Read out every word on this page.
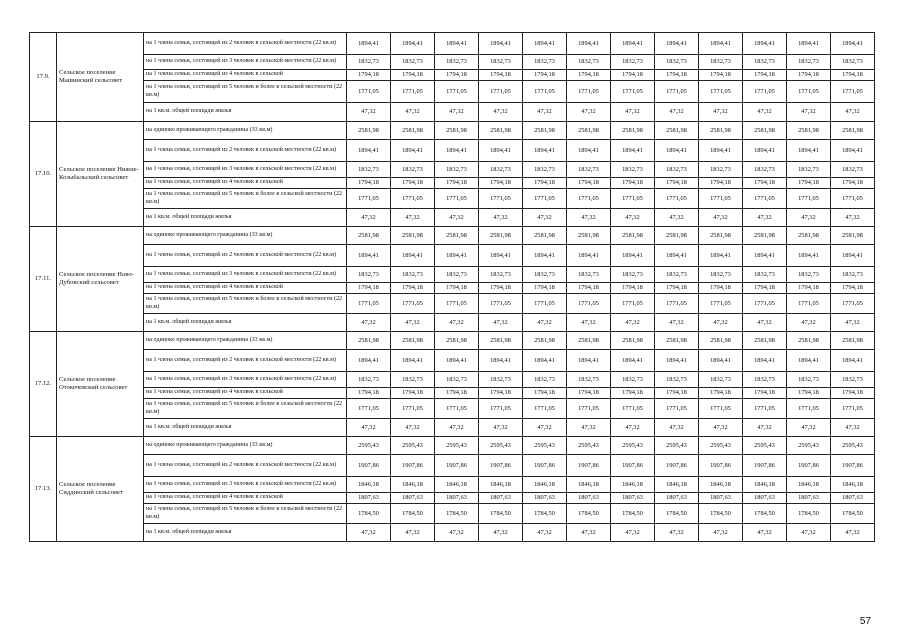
17.9.	Сельское поселение Машинский сельсовет	на 1 члена семьи, состоящей из 2 человек в сельской местности (22 кв.м)	1894,41	1894,41	1894,41	1894,41	1894,41	1894,41	1894,41	1894,41	1894,41	1894,41	1894,41	1894,41
		на 1 члена семьи, состоящей из 3 человек в сельской местности (22 кв.м)	1832,73	1832,73	1832,73	1832,73	1832,73	1832,73	1832,73	1832,73	1832,73	1832,73	1832,73	1832,73
		на 1 члена семьи, состоящей из 4 человек в сельской	1794,18	1794,18	1794,18	1794,18	1794,18	1794,18	1794,18	1794,18	1794,18	1794,18	1794,18	1794,18
		на 1 члена семьи, состоящей из 5 человек и более в сельской местности (22 кв.м)	1771,05	1771,05	1771,05	1771,05	1771,05	1771,05	1771,05	1771,05	1771,05	1771,05	1771,05	1771,05
		на 1 кв.м. общей площади жилья	47,32	47,32	47,32	47,32	47,32	47,32	47,32	47,32	47,32	47,32	47,32	47,32
17.10.	Сельское поселение Нижне-Козыбальский сельсовет	на одиноко проживающего гражданина (33 кв.м)	2581,98	2581,98	2581,98	2581,98	2581,98	2581,98	2581,98	2581,98	2581,98	2581,98	2581,98	2581,98
		на 1 члена семьи, состоящей из 2 человек в сельской местности (22 кв.м)	1894,41	1894,41	1894,41	1894,41	1894,41	1894,41	1894,41	1894,41	1894,41	1894,41	1894,41	1894,41
		на 1 члена семьи, состоящей из 3 человек в сельской местности (22 кв.м)	1832,73	1832,73	1832,73	1832,73	1832,73	1832,73	1832,73	1832,73	1832,73	1832,73	1832,73	1832,73
		на 1 члена семьи, состоящей из 4 человек в сельской	1794,18	1794,18	1794,18	1794,18	1794,18	1794,18	1794,18	1794,18	1794,18	1794,18	1794,18	1794,18
		на 1 члена семьи, состоящей из 5 человек и более в сельской местности (22 кв.м)	1771,05	1771,05	1771,05	1771,05	1771,05	1771,05	1771,05	1771,05	1771,05	1771,05	1771,05	1771,05
		на 1 кв.м. общей площади жилья	47,32	47,32	47,32	47,32	47,32	47,32	47,32	47,32	47,32	47,32	47,32	47,32
17.11.	Сельское поселение Ново-Дубовский сельсовет	на одиноко проживающего гражданина (33 кв.м)	2581,98	2581,98	2581,98	2581,98	2581,98	2581,98	2581,98	2581,98	2581,98	2581,98	2581,98	2581,98
		на 1 члена семьи, состоящей из 2 человек в сельской местности (22 кв.м)	1894,41	1894,41	1894,41	1894,41	1894,41	1894,41	1894,41	1894,41	1894,41	1894,41	1894,41	1894,41
		на 1 члена семьи, состоящей из 3 человек в сельской местности (22 кв.м)	1832,73	1832,73	1832,73	1832,73	1832,73	1832,73	1832,73	1832,73	1832,73	1832,73	1832,73	1832,73
		на 1 члена семьи, состоящей из 4 человек в сельской	1794,18	1794,18	1794,18	1794,18	1794,18	1794,18	1794,18	1794,18	1794,18	1794,18	1794,18	1794,18
		на 1 члена семьи, состоящей из 5 человек и более в сельской местности (22 кв.м)	1771,05	1771,05	1771,05	1771,05	1771,05	1771,05	1771,05	1771,05	1771,05	1771,05	1771,05	1771,05
		на 1 кв.м. общей площади жилья	47,32	47,32	47,32	47,32	47,32	47,32	47,32	47,32	47,32	47,32	47,32	47,32
17.12.	Сельское поселение Отокочевский сельсовет	на одиноко проживающего гражданина (33 кв.м)	2581,98	2581,98	2581,98	2581,98	2581,98	2581,98	2581,98	2581,98	2581,98	2581,98	2581,98	2581,98
		на 1 члена семьи, состоящей из 2 человек в сельской местности (22 кв.м)	1894,41	1894,41	1894,41	1894,41	1894,41	1894,41	1894,41	1894,41	1894,41	1894,41	1894,41	1894,41
		на 1 члена семьи, состоящей из 3 человек в сельской местности (22 кв.м)	1832,73	1832,73	1832,73	1832,73	1832,73	1832,73	1832,73	1832,73	1832,73	1832,73	1832,73	1832,73
		на 1 члена семьи, состоящей из 4 человек в сельской	1794,18	1794,18	1794,18	1794,18	1794,18	1794,18	1794,18	1794,18	1794,18	1794,18	1794,18	1794,18
		на 1 члена семьи, состоящей из 5 человек и более в сельской местности (22 кв.м)	1771,05	1771,05	1771,05	1771,05	1771,05	1771,05	1771,05	1771,05	1771,05	1771,05	1771,05	1771,05
		на 1 кв.м. общей площади жилья	47,32	47,32	47,32	47,32	47,32	47,32	47,32	47,32	47,32	47,32	47,32	47,32
17.13.	Сельское поселение Сиддинский сельсовет	на одиноко проживающего гражданина (33 кв.м)	2595,43	2595,43	2595,43	2595,43	2595,43	2595,43	2595,43	2595,43	2595,43	2595,43	2595,43	2595,43
		на 1 члена семьи, состоящей из 2 человек в сельской местности (22 кв.м)	1907,86	1907,86	1907,86	1907,86	1907,86	1907,86	1907,86	1907,86	1907,86	1907,86	1907,86	1907,86
		на 1 члена семьи, состоящей из 3 человек в сельской местности (22 кв.м)	1846,18	1846,18	1846,18	1846,18	1846,18	1846,18	1846,18	1846,18	1846,18	1846,18	1846,18	1846,18
		на 1 члена семьи, состоящей из 4 человек в сельской	1807,63	1807,63	1807,63	1807,63	1807,63	1807,63	1807,63	1807,63	1807,63	1807,63	1807,63	1807,63
		на 1 члена семьи, состоящей из 5 человек и более в сельской местности (22 кв.м)	1784,50	1784,50	1784,50	1784,50	1784,50	1784,50	1784,50	1784,50	1784,50	1784,50	1784,50	1784,50
		на 1 кв.м. общей площади жилья	47,32	47,32	47,32	47,32	47,32	47,32	47,32	47,32	47,32	47,32	47,32	47,32
57
